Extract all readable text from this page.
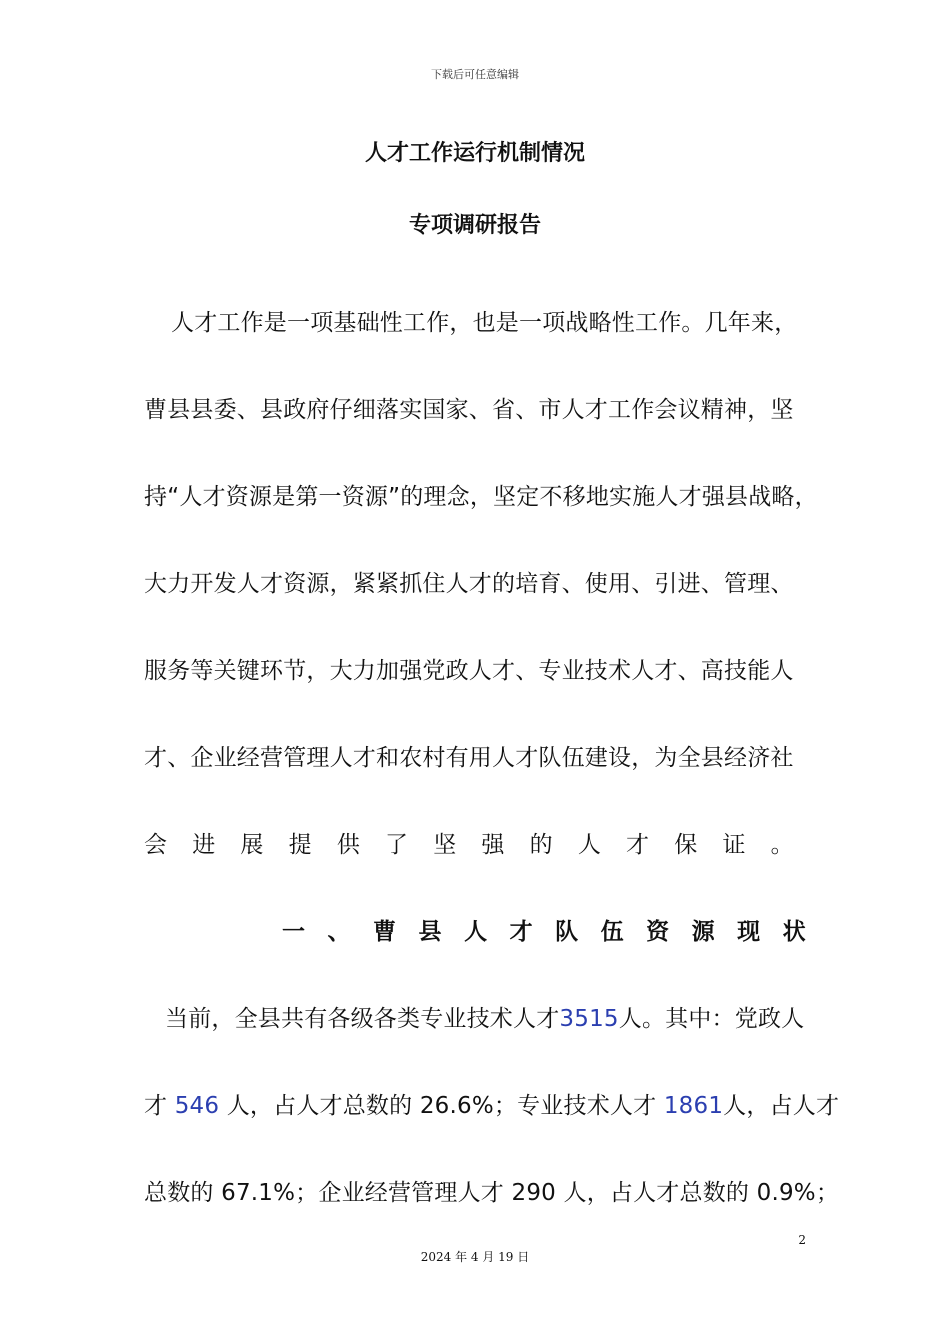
下载后可任意编辑
人才工作运行机制情况
专项调研报告
人才工作是一项基础性工作，也是一项战略性工作。几年来，
曹县县委、县政府仔细落实国家、省、市人才工作会议精神，坚
持“人才资源是第一资源”的理念，坚定不移地实施人才强县战略，
大力开发人才资源，紧紧抓住人才的培育、使用、引进、管理、
服务等关键环节，大力加强党政人才、专业技术人才、高技能人
才、企业经营管理人才和农村有用人才队伍建设，为全县经济社
会 进 展 提 供 了 坚 强 的 人 才 保 证 。
一 、 曹 县 人 才 队 伍 资 源 现 状
当前，全县共有各级各类专业技术人才3515人。其中：党政人
才 546 人，占人才总数的 26.6%；专业技术人才 1861人，占人才
总数的 67.1%；企业经营管理人才 290 人，占人才总数的 0.9%；
2
2024 年 4 月 19 日
